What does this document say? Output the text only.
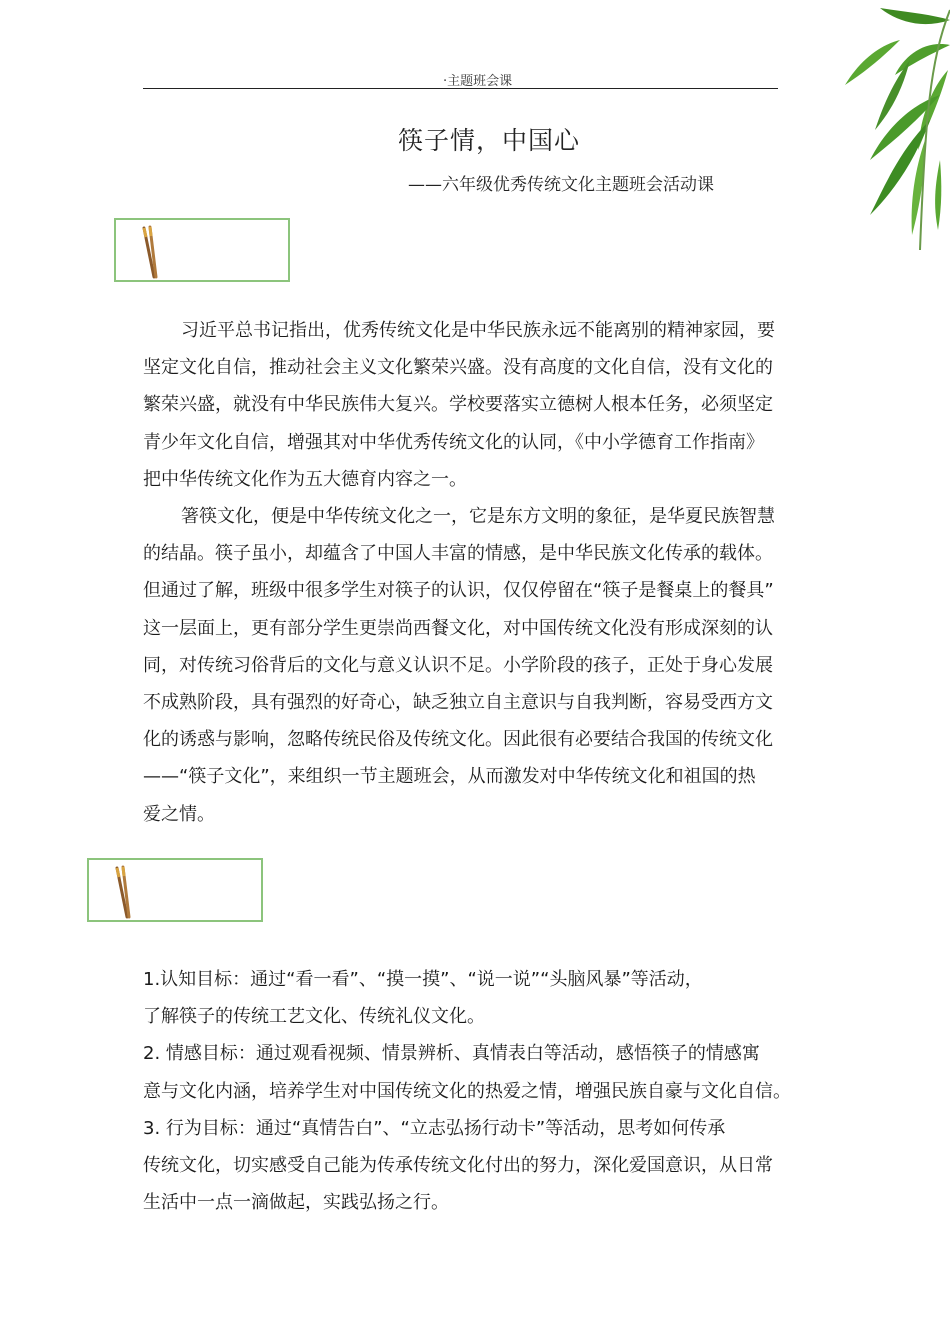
·主题班会课
筷子情，中国心
——六年级优秀传统文化主题班会活动课
习近平总书记指出，优秀传统文化是中华民族永远不能离别的精神家园，要
坚定文化自信，推动社会主义文化繁荣兴盛。没有高度的文化自信，没有文化的
繁荣兴盛，就没有中华民族伟大复兴。学校要落实立德树人根本任务，必须坚定
青少年文化自信，增强其对中华优秀传统文化的认同，《中小学德育工作指南》
把中华传统文化作为五大德育内容之一。
箸筷文化，便是中华传统文化之一，它是东方文明的象征，是华夏民族智慧
的结晶。筷子虽小，却蕴含了中国人丰富的情感，是中华民族文化传承的载体。
但通过了解，班级中很多学生对筷子的认识，仅仅停留在“筷子是餐桌上的餐具”
这一层面上，更有部分学生更崇尚西餐文化，对中国传统文化没有形成深刻的认
同，对传统习俗背后的文化与意义认识不足。小学阶段的孩子，正处于身心发展
不成熟阶段，具有强烈的好奇心，缺乏独立自主意识与自我判断，容易受西方文
化的诱惑与影响，忽略传统民俗及传统文化。因此很有必要结合我国的传统文化
——“筷子文化”，来组织一节主题班会，从而激发对中华传统文化和祖国的热
爱之情。
1.认知目标：通过“看一看”、“摸一摸”、“说一说”“头脑风暴”等活动，
了解筷子的传统工艺文化、传统礼仪文化。
2. 情感目标：通过观看视频、情景辨析、真情表白等活动，感悟筷子的情感寓
意与文化内涵，培养学生对中国传统文化的热爱之情，增强民族自豪与文化自信。
3. 行为目标：通过“真情告白”、“立志弘扬行动卡”等活动，思考如何传承
传统文化，切实感受自己能为传承传统文化付出的努力，深化爱国意识，从日常
生活中一点一滴做起，实践弘扬之行。
